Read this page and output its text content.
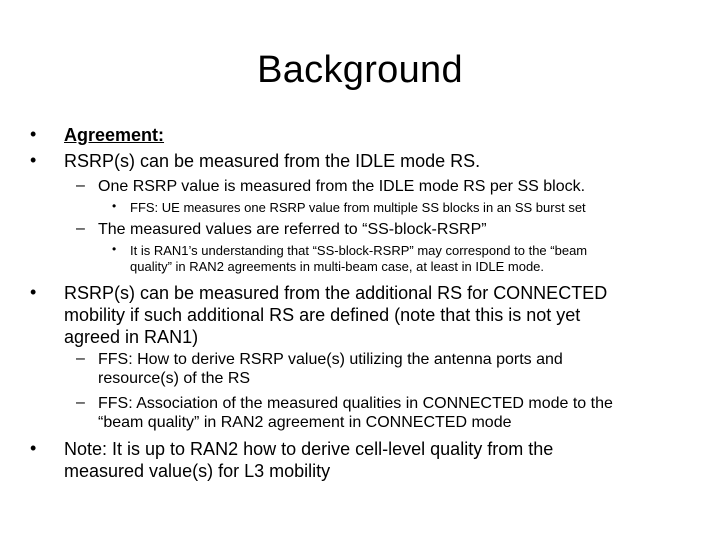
Background
• Agreement:
• RSRP(s) can be measured from the IDLE mode RS.
– One RSRP value is measured from the IDLE mode RS per SS block.
• FFS: UE measures one RSRP value from multiple SS blocks in an SS burst set
– The measured values are referred to “SS-block-RSRP”
• It is RAN1’s understanding that “SS-block-RSRP” may correspond to the “beam
quality” in RAN2 agreements in multi-beam case, at least in IDLE mode.
• RSRP(s) can be measured from the additional RS for CONNECTED
mobility if such additional RS are defined (note that this is not yet
agreed in RAN1)
– FFS: How to derive RSRP value(s) utilizing the antenna ports and
resource(s) of the RS
– FFS: Association of the measured qualities in CONNECTED mode to the
“beam quality” in RAN2 agreement in CONNECTED mode
• Note: It is up to RAN2 how to derive cell-level quality from the
measured value(s) for L3 mobility
